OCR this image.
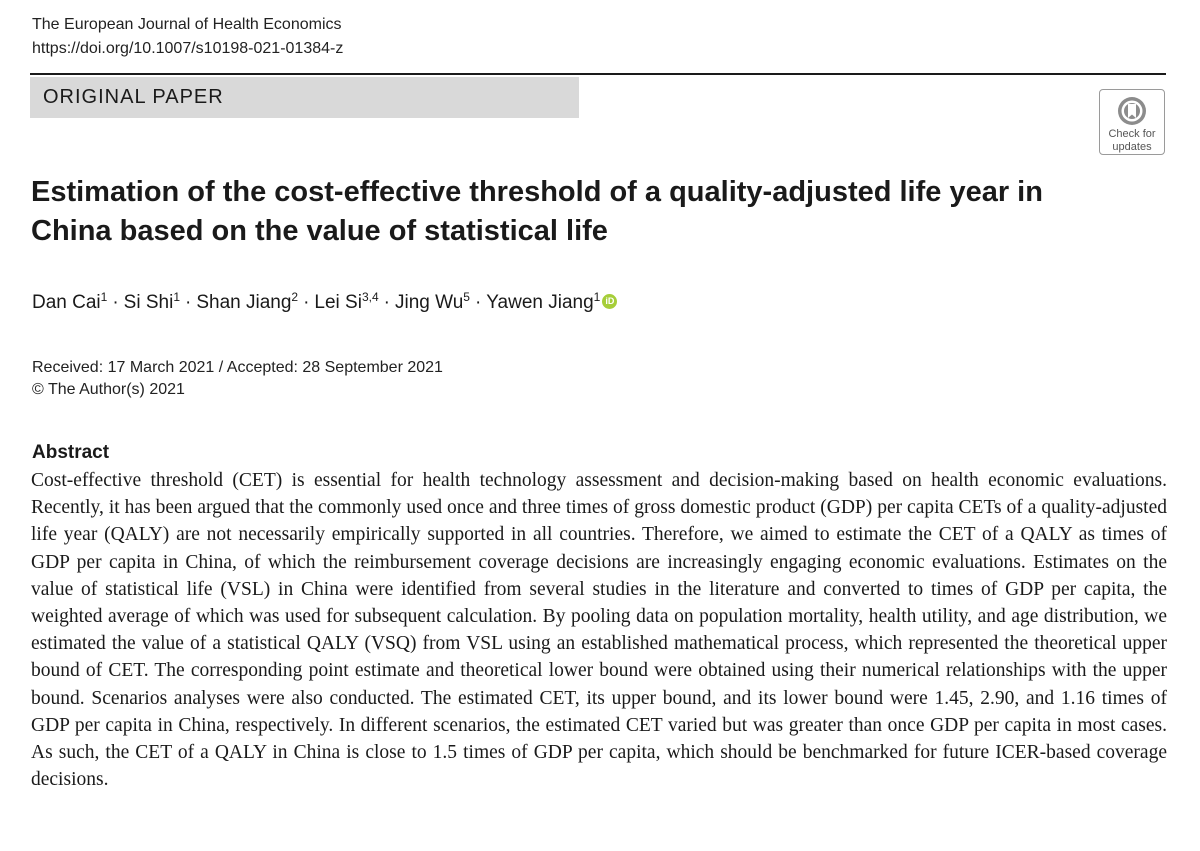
The European Journal of Health Economics
https://doi.org/10.1007/s10198-021-01384-z
ORIGINAL PAPER
Check for
updates
Estimation of the cost-effective threshold of a quality-adjusted life year in China based on the value of statistical life
Dan Cai$^1$ · Si Shi$^1$ · Shan Jiang$^2$ · Lei Si$^{3,4}$ · Jing $Wu^5$ · Yawen Jiang$^1$ iD
Received: 17 March 2021 / Accepted: 28 September 2021
© The Author(s) 2021
Abstract
Cost-effective threshold (CET) is essential for health technology assessment and decision-making based on health economic evaluations. Recently, it has been argued that the commonly used once and three times of gross domestic product (GDP) per capita CETs of a quality-adjusted life year (QALY) are not necessarily empirically supported in all countries. Therefore, we aimed to estimate the CET of a QALY as times of GDP per capita in China, of which the reimbursement coverage decisions are increasingly engaging economic evaluations. Estimates on the value of statistical life (VSL) in China were identified from several studies in the literature and converted to times of GDP per capita, the weighted average of which was used for subsequent calculation. By pooling data on population mortality, health utility, and age distribution, we estimated the value of a statistical QALY (VSQ) from VSL using an established mathematical process, which represented the theoretical upper bound of CET. The corresponding point estimate and theoretical lower bound were obtained using their numerical relationships with the upper bound. Scenarios analyses were also conducted. The estimated CET, its upper bound, and its lower bound were 1.45, 2.90, and 1.16 times of GDP per capita in China, respectively. In different scenarios, the estimated CET varied but was greater than once GDP per capita in most cases. As such, the CET of a QALY in China is close to 1.5 times of GDP per capita, which should be benchmarked for future ICER-based coverage decisions.
